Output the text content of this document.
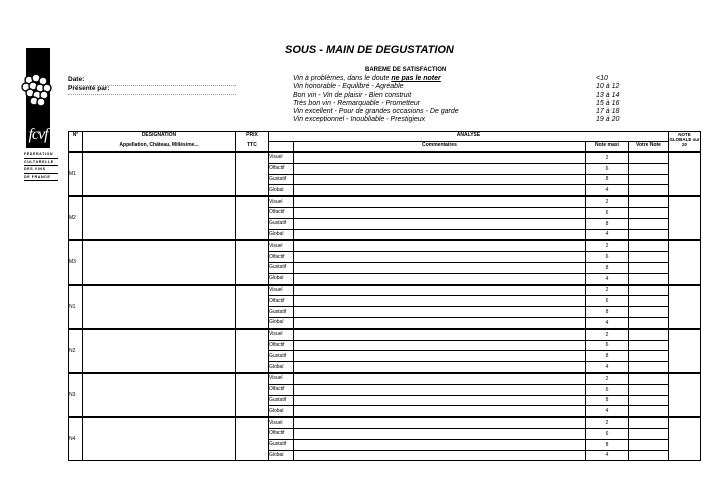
fcvf
FÉDÉRATION
CULTURELLE
DES VINS
DE FRANCE
SOUS - MAIN DE DEGUSTATION
Date:
Présenté par:
BAREME DE SATISFACTION
Vin à problèmes, dans le doute ne pas le noter	<10
Vin honorable - Equilibré - Agréable	10 à 12
Bon vin - Vin de plaisir - Bien construit	13 à 14
Très bon vin - Remarquable - Prometteur	15 à 16
Vin excellent - Pour de grandes occasions - De garde	17 à 18
Vin exceptionnel - Inoubliable - Prestigieux	19 à 20
N°	DESIGNATION	PRIX	ANALYSE				NOTE GLOBALE sur 20
	Appellation, Château, Millésime...	TTC		Commentaires	Note maxi	Votre Note	
M1			Visuel		2		
			Olfactif		6		
			Gustatif		8		
			Global		4		
M2			Visuel		2		
			Olfactif		6		
			Gustatif		8		
			Global		4		
M3			Visuel		2		
			Olfactif		6		
			Gustatif		8		
			Global		4		
N1			Visuel		2		
			Olfactif		6		
			Gustatif		8		
			Global		4		
N2			Visuel		2		
			Olfactif		6		
			Gustatif		8		
			Global		4		
N3			Visuel		2		
			Olfactif		6		
			Gustatif		8		
			Global		4		
N4			Visuel		2		
			Olfactif		6		
			Gustatif		8		
			Global		4		
